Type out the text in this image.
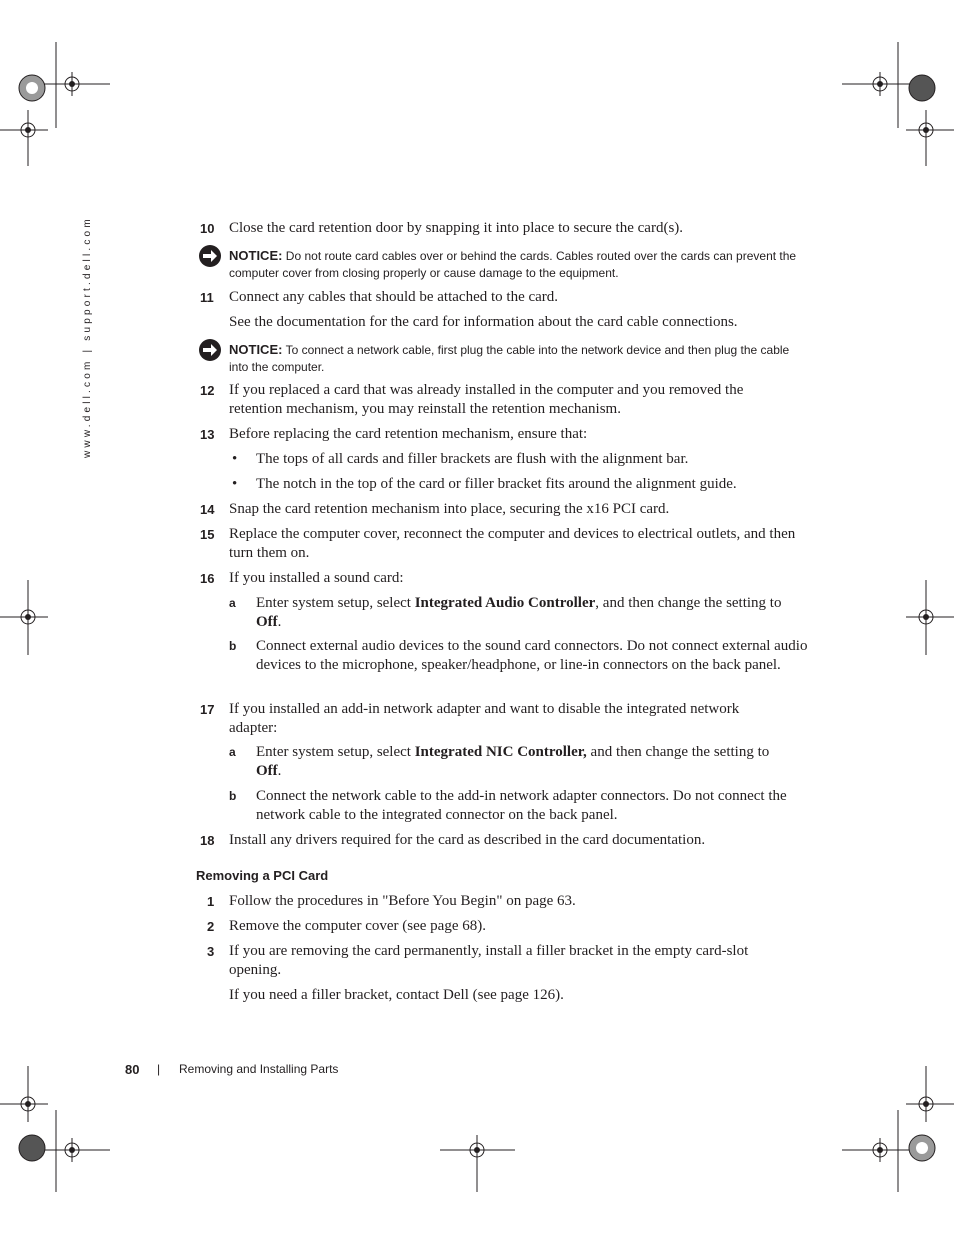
www.dell.com | support.dell.com	10 Close the card retention door by snapping it into place to secure the card(s).
NOTICE: Do not route card cables over or behind the cards. Cables routed over the cards can prevent the computer cover from closing properly or cause damage to the equipment.
11 Connect any cables that should be attached to the card.
See the documentation for the card for information about the card cable connections.
NOTICE: To connect a network cable, first plug the cable into the network device and then plug the cable into the computer.
12 If you replaced a card that was already installed in the computer and you removed the retention mechanism, you may reinstall the retention mechanism.
13 Before replacing the card retention mechanism, ensure that:
• The tops of all cards and filler brackets are flush with the alignment bar.
• The notch in the top of the card or filler bracket fits around the alignment guide.
14 Snap the card retention mechanism into place, securing the x16 PCI card.
15 Replace the computer cover, reconnect the computer and devices to electrical outlets, and then turn them on.
16 If you installed a sound card:
a Enter system setup, select Integrated Audio Controller, and then change the setting to Off.
b Connect external audio devices to the sound card connectors. Do not connect external audio devices to the microphone, speaker/headphone, or line-in connectors on the back panel.
17 If you installed an add-in network adapter and want to disable the integrated network adapter:
a Enter system setup, select Integrated NIC Controller, and then change the setting to Off.
b Connect the network cable to the add-in network adapter connectors. Do not connect the network cable to the integrated connector on the back panel.
18 Install any drivers required for the card as described in the card documentation.
Removing a PCI Card
1 Follow the procedures in "Before You Begin" on page 63.
2 Remove the computer cover (see page 68).
3 If you are removing the card permanently, install a filler bracket in the empty card-slot opening.
If you need a filler bracket, contact Dell (see page 126).
80 | Removing and Installing Parts
